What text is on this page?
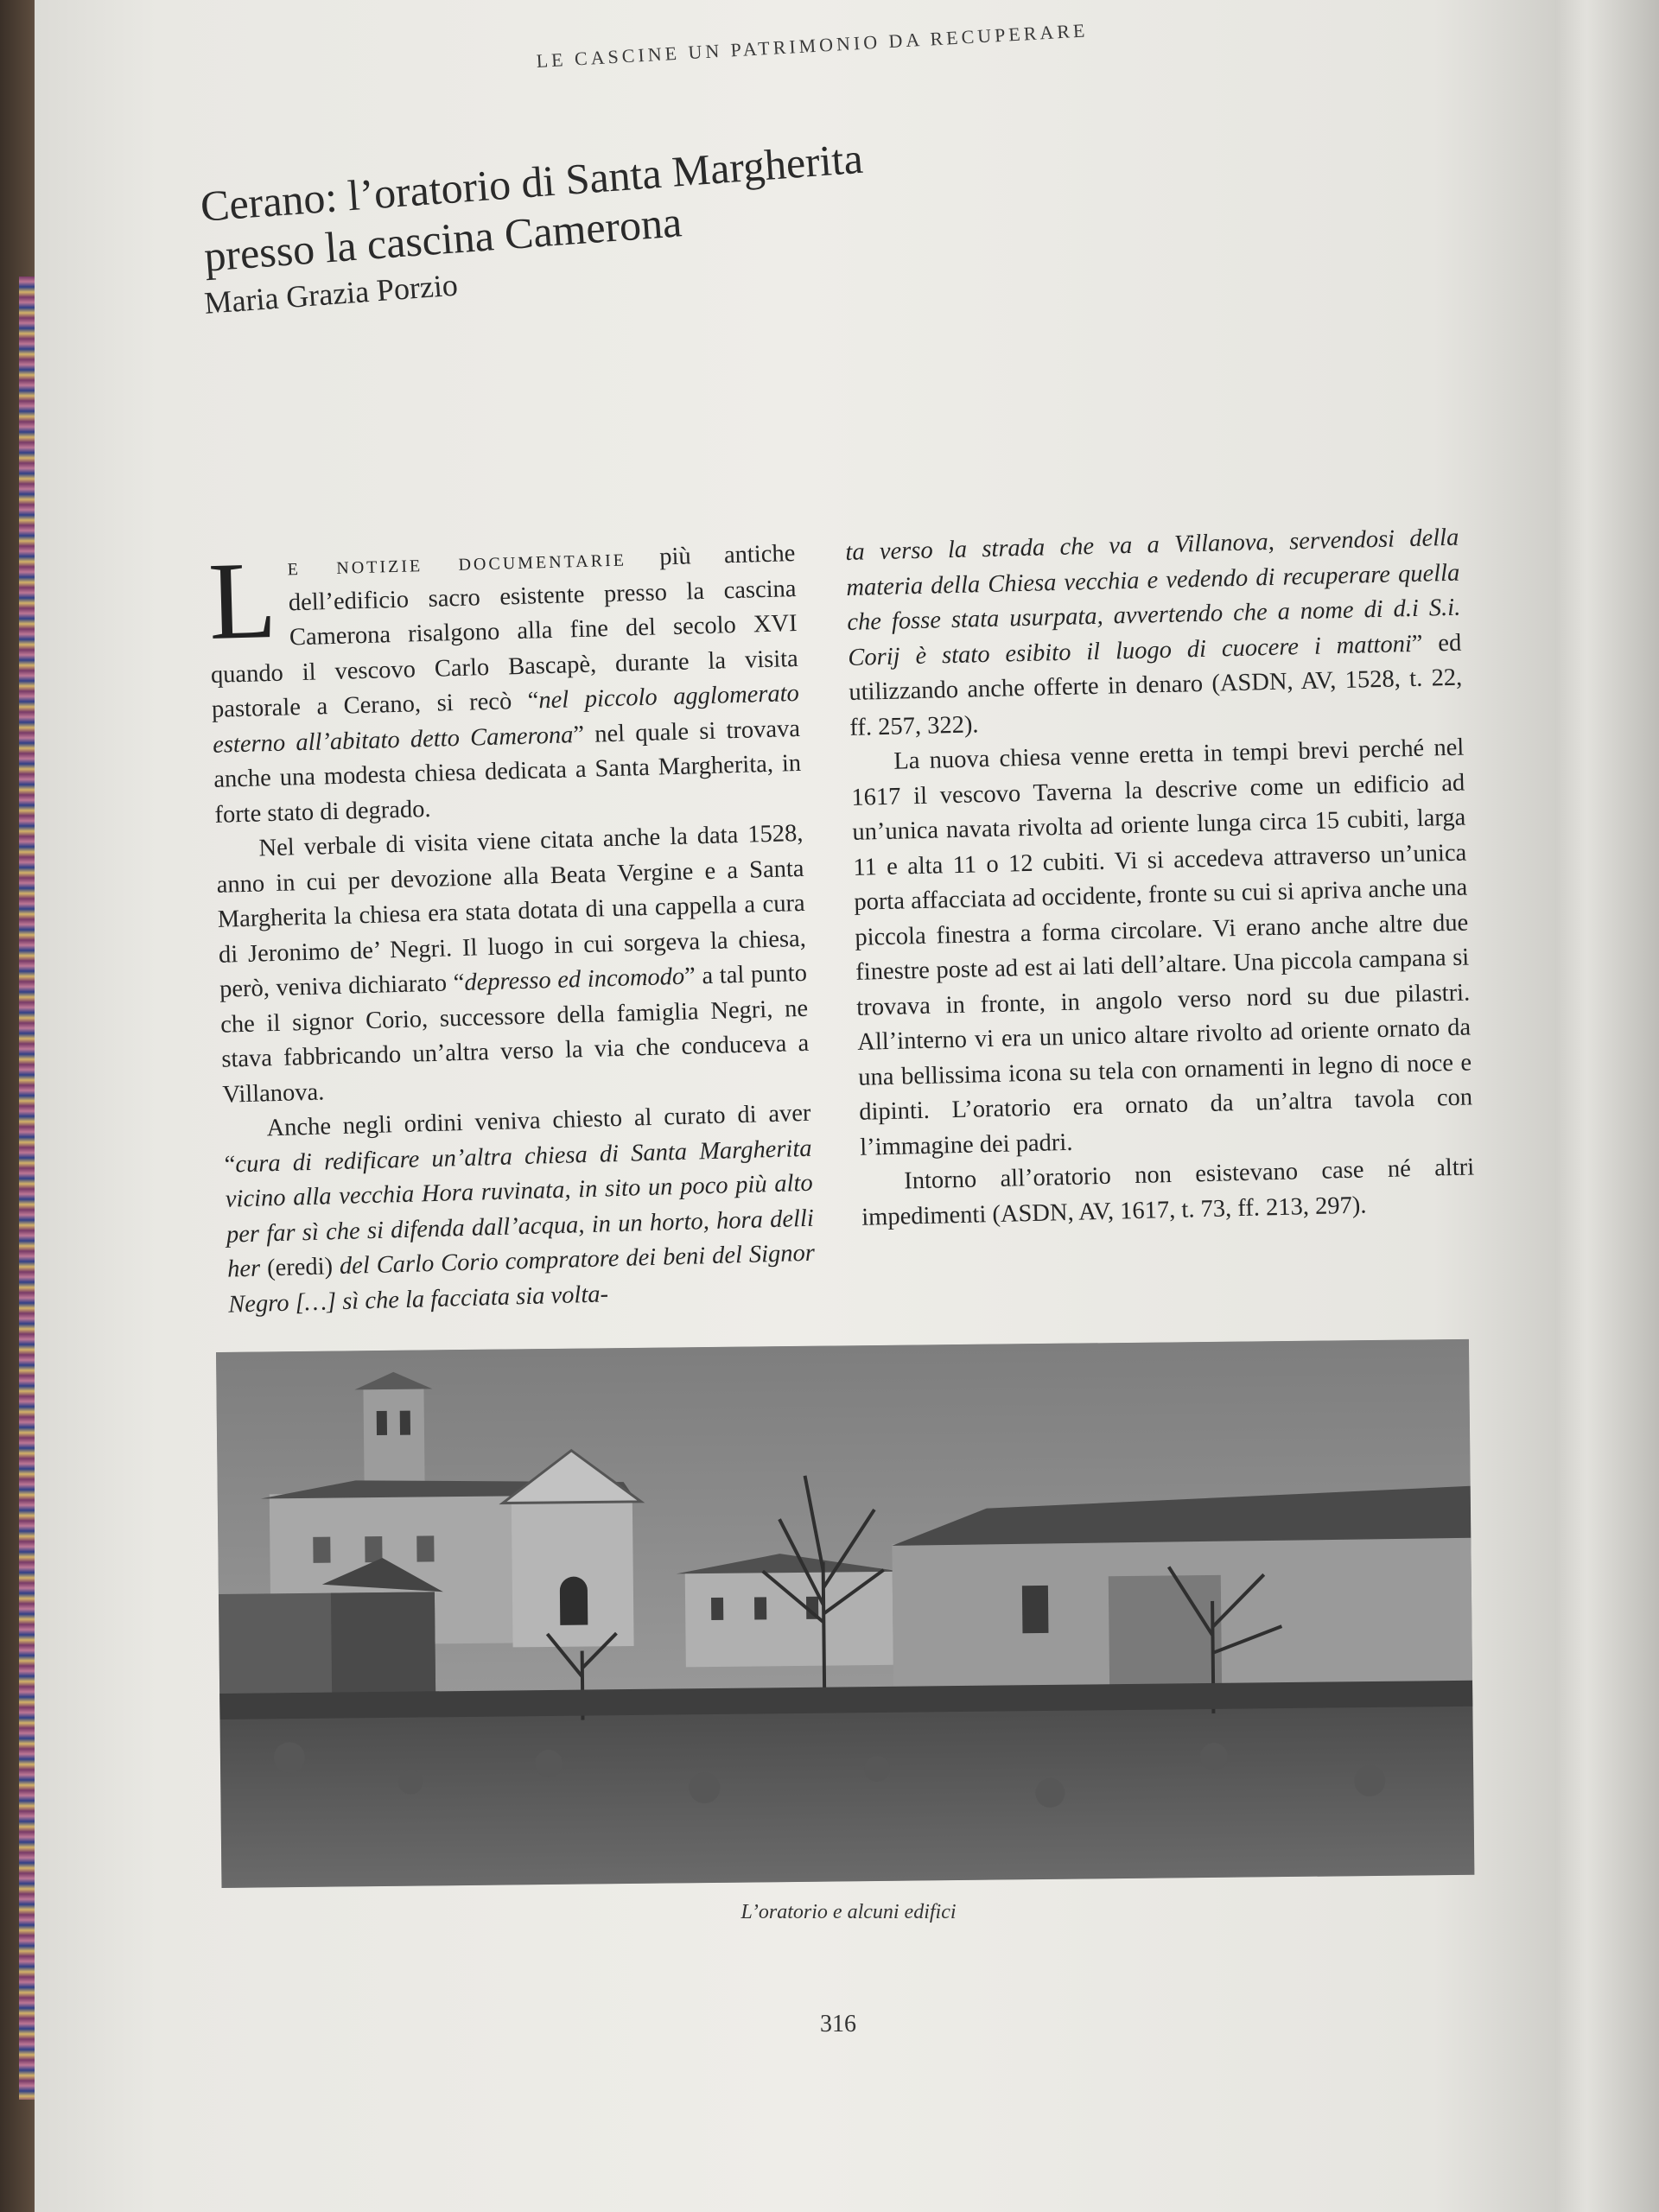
LE CASCINE UN PATRIMONIO DA RECUPERARE
Cerano: l’oratorio di Santa Margherita presso la cascina Camerona
Maria Grazia Porzio

Le notizie documentarie più antiche dell’edificio sacro esistente presso la cascina Camerona risalgono alla fine del secolo XVI quando il vescovo Carlo Bascapè, durante la visita pastorale a Cerano, si recò “nel piccolo agglomerato esterno all’abitato detto Camerona” nel quale si trovava anche una modesta chiesa dedicata a Santa Margherita, in forte stato di degrado.

Nel verbale di visita viene citata anche la data 1528, anno in cui per devozione alla Beata Vergine e a Santa Margherita la chiesa era stata dotata di una cappella a cura di Jeronimo de’ Negri. Il luogo in cui sorgeva la chiesa, però, veniva dichiarato “depresso ed incomodo” a tal punto che il signor Corio, successore della famiglia Negri, ne stava fabbricando un’altra verso la via che conduceva a Villanova.

Anche negli ordini veniva chiesto al curato di aver “cura di redificare un’altra chiesa di Santa Margherita vicino alla vecchia Hora ruvinata, in sito un poco più alto per far sì che si difenda dall’acqua, in un horto, hora delli her (eredi) del Carlo Corio compratore dei beni del Signor Negro […] sì che la facciata sia volta-

ta verso la strada che va a Villanova, servendosi della materia della Chiesa vecchia e vedendo di recuperare quella che fosse stata usurpata, avvertendo che a nome di d.i S.i. Corij è stato esibito il luogo di cuocere i mattoni” ed utilizzando anche offerte in denaro (ASDN, AV, 1528, t. 22, ff. 257, 322).

La nuova chiesa venne eretta in tempi brevi perché nel 1617 il vescovo Taverna la descrive come un edificio ad un’unica navata rivolta ad oriente lunga circa 15 cubiti, larga 11 e alta 11 o 12 cubiti. Vi si accedeva attraverso un’unica porta affacciata ad occidente, fronte su cui si apriva anche una piccola finestra a forma circolare. Vi erano anche altre due finestre poste ad est ai lati dell’altare. Una piccola campana si trovava in fronte, in angolo verso nord su due pilastri. All’interno vi era un unico altare rivolto ad oriente ornato da una bellissima icona su tela con ornamenti in legno di noce e dipinti. L’oratorio era ornato da un’altra tavola con l’immagine dei padri.

Intorno all’oratorio non esistevano case né altri impedimenti (ASDN, AV, 1617, t. 73, ff. 213, 297).

L’oratorio e alcuni edifici
316
